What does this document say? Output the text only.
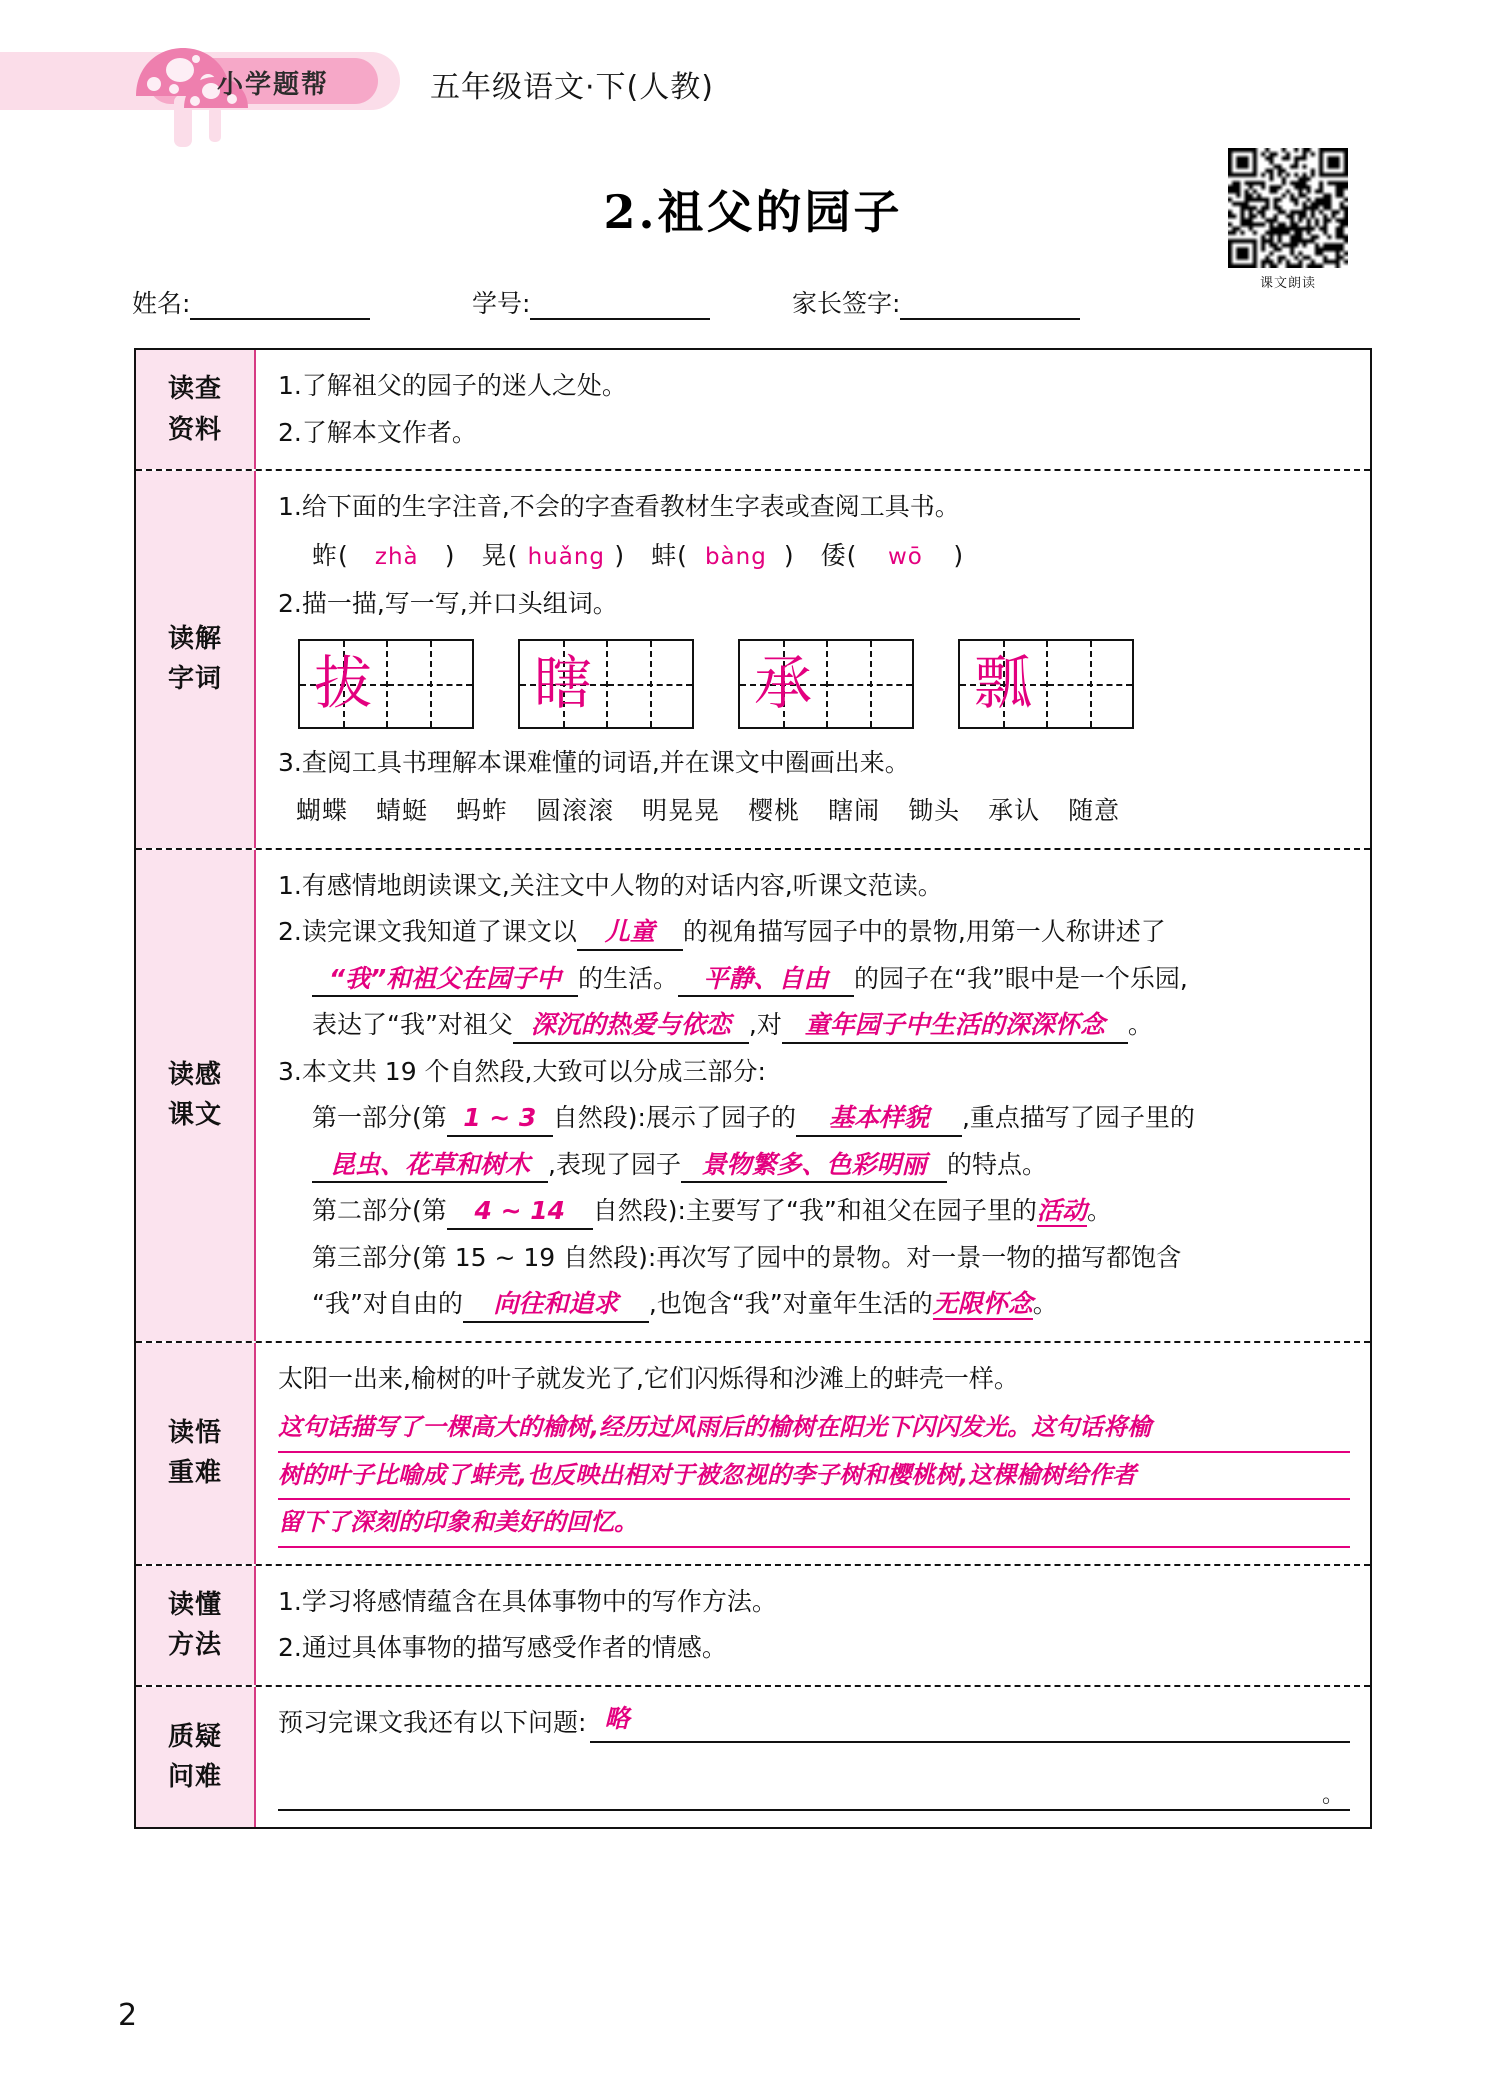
小学题帮	五年级语文·下(人教)
2.祖父的园子
课文朗读
姓名:	学号:	家长签字:
读查
资料

1.了解祖父的园子的迷人之处。

2.了解本文作者。

读解
字词

1.给下面的生字注音,不会的字查看教材生字表或查阅工具书。

蚱( zhà ) 晃( huǎng ) 蚌( bàng ) 倭( wō )

2.描一描,写一写,并口头组词。

拔	瞎	承	瓢

3.查阅工具书理解本课难懂的词语,并在课文中圈画出来。

蝴蝶 蜻蜓 蚂蚱 圆滚滚 明晃晃 樱桃 瞎闹 锄头 承认 随意
读感
课文

1.有感情地朗读课文,关注文中人物的对话内容,听课文范读。

2.读完课文我知道了课文以 儿童 的视角描写园子中的景物,用第一人称讲述了

“我”和祖父在园子中 的生活。 平静、自由 的园子在“我”眼中是一个乐园,

表达了“我”对祖父 深沉的热爱与依恋 ,对 童年园子中生活的深深怀念 。

3.本文共 19 个自然段,大致可以分成三部分:

第一部分(第 1 ~ 3 自然段):展示了园子的 基本样貌 ,重点描写了园子里的

昆虫、花草和树木 ,表现了园子 景物繁多、色彩明丽 的特点。

第二部分(第 4 ~ 14 自然段):主要写了“我”和祖父在园子里的活动。

第三部分(第 15 ~ 19 自然段):再次写了园中的景物。对一景一物的描写都饱含

“我”对自由的 向往和追求 ,也饱含“我”对童年生活的无限怀念。

读悟
重难

太阳一出来,榆树的叶子就发光了,它们闪烁得和沙滩上的蚌壳一样。

这句话描写了一棵高大的榆树,经历过风雨后的榆树在阳光下闪闪发光。这句话将榆
树的叶子比喻成了蚌壳,也反映出相对于被忽视的李子树和樱桃树,这棵榆树给作者
留下了深刻的印象和美好的回忆。
读懂
方法

1.学习将感情蕴含在具体事物中的写作方法。

2.通过具体事物的描写感受作者的情感。

质疑
问难
预习完课文我还有以下问题: 略
。
2
